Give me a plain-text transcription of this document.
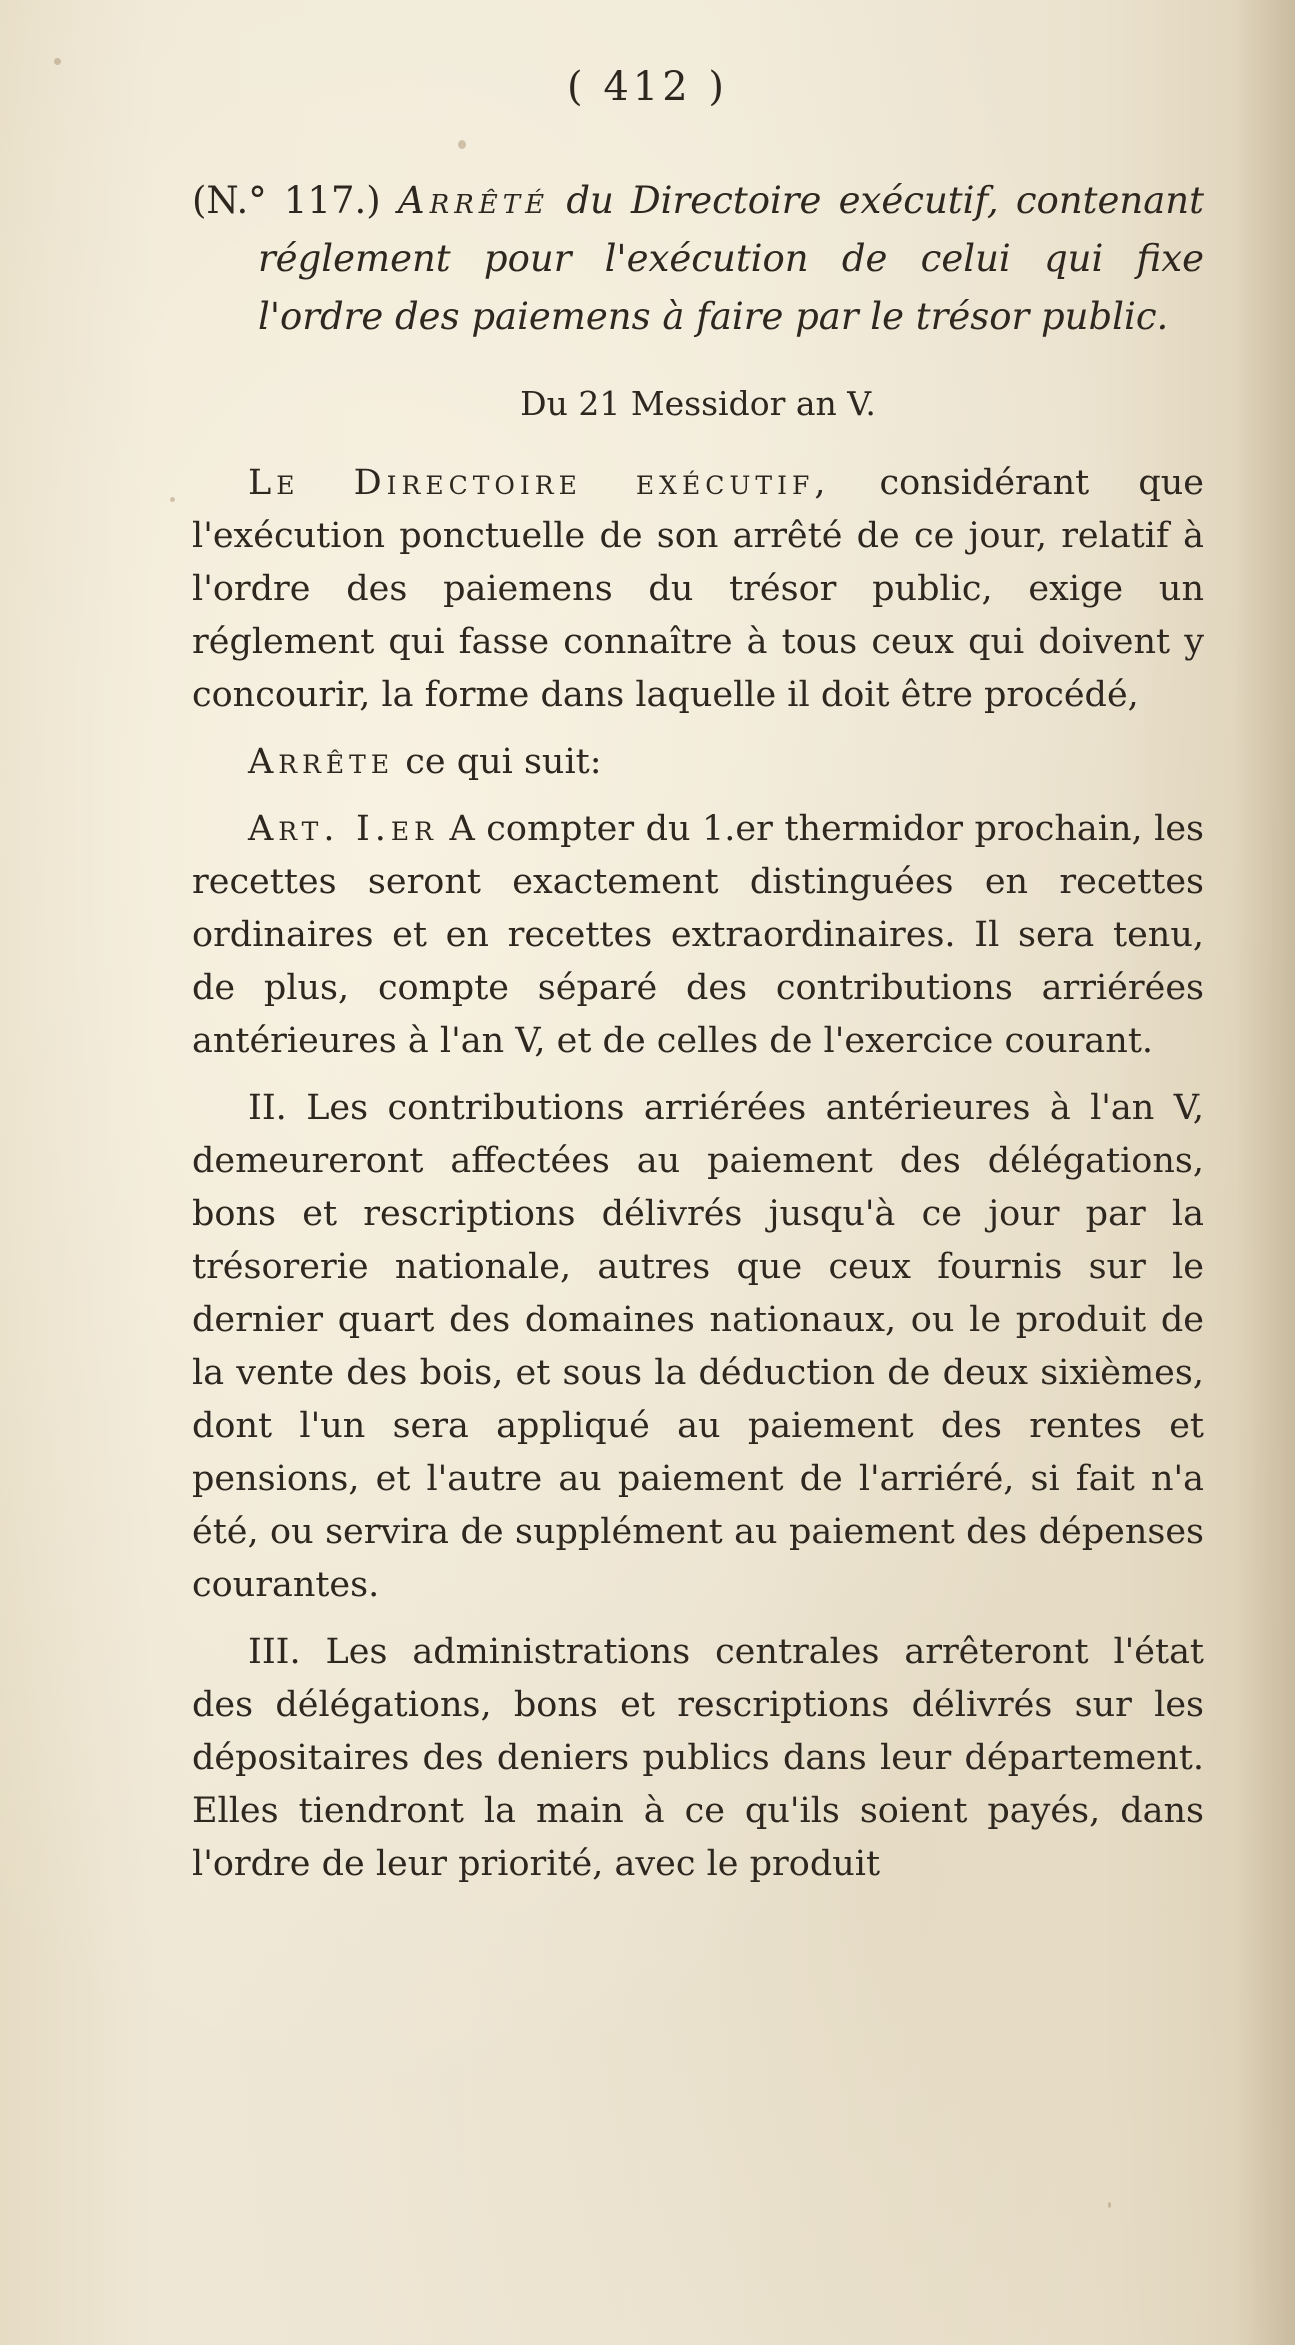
( 412 )

(N.° 117.) Arrêté du Directoire exécutif, contenant réglement pour l'exécution de celui qui fixe l'ordre des paiemens à faire par le trésor public.

Du 21 Messidor an V.

Le Directoire exécutif, considérant que l'exécution ponctuelle de son arrêté de ce jour, relatif à l'ordre des paiemens du trésor public, exige un réglement qui fasse connaître à tous ceux qui doivent y concourir, la forme dans laquelle il doit être procédé,

Arrête ce qui suit:

Art. I.er A compter du 1.er thermidor prochain, les recettes seront exactement distinguées en recettes ordinaires et en recettes extraordinaires. Il sera tenu, de plus, compte séparé des contributions arriérées antérieures à l'an V, et de celles de l'exercice courant.

II. Les contributions arriérées antérieures à l'an V, demeureront affectées au paiement des délégations, bons et rescriptions délivrés jusqu'à ce jour par la trésorerie nationale, autres que ceux fournis sur le dernier quart des domaines nationaux, ou le produit de la vente des bois, et sous la déduction de deux sixièmes, dont l'un sera appliqué au paiement des rentes et pensions, et l'autre au paiement de l'arriéré, si fait n'a été, ou servira de supplément au paiement des dépenses courantes.

III. Les administrations centrales arrêteront l'état des délégations, bons et rescriptions délivrés sur les dépositaires des deniers publics dans leur département. Elles tiendront la main à ce qu'ils soient payés, dans l'ordre de leur priorité, avec le produit
